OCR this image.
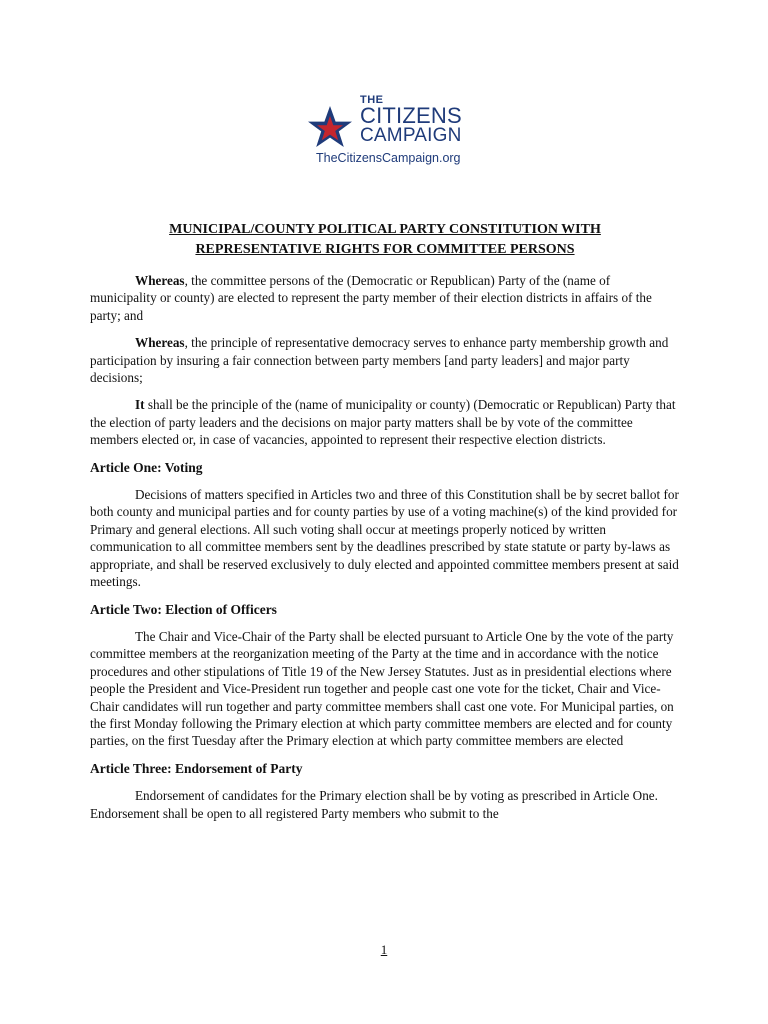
THE
CITIZENS
CAMPAIGN
TheCitizensCampaign.org
MUNICIPAL/COUNTY POLITICAL PARTY CONSTITUTION WITH
REPRESENTATIVE RIGHTS FOR COMMITTEE PERSONS

Whereas, the committee persons of the (Democratic or Republican) Party of the (name of municipality or county) are elected to represent the party member of their election districts in affairs of the party; and

Whereas, the principle of representative democracy serves to enhance party membership growth and participation by insuring a fair connection between party members [and party leaders] and major party decisions;

It shall be the principle of the (name of municipality or county) (Democratic or Republican) Party that the election of party leaders and the decisions on major party matters shall be by vote of the committee members elected or, in case of vacancies, appointed to represent their respective election districts.

Article One: Voting

Decisions of matters specified in Articles two and three of this Constitution shall be by secret ballot for both county and municipal parties and for county parties by use of a voting machine(s) of the kind provided for Primary and general elections. All such voting shall occur at meetings properly noticed by written communication to all committee members sent by the deadlines prescribed by state statute or party by-laws as appropriate, and shall be reserved exclusively to duly elected and appointed committee members present at said meetings.

Article Two: Election of Officers

The Chair and Vice-Chair of the Party shall be elected pursuant to Article One by the vote of the party committee members at the reorganization meeting of the Party at the time and in accordance with the notice procedures and other stipulations of Title 19 of the New Jersey Statutes. Just as in presidential elections where people the President and Vice-President run together and people cast one vote for the ticket, Chair and Vice-Chair candidates will run together and party committee members shall cast one vote. For Municipal parties, on the first Monday following the Primary election at which party committee members are elected and for county parties, on the first Tuesday after the Primary election at which party committee members are elected

Article Three: Endorsement of Party

Endorsement of candidates for the Primary election shall be by voting as prescribed in Article One. Endorsement shall be open to all registered Party members who submit to the

1
